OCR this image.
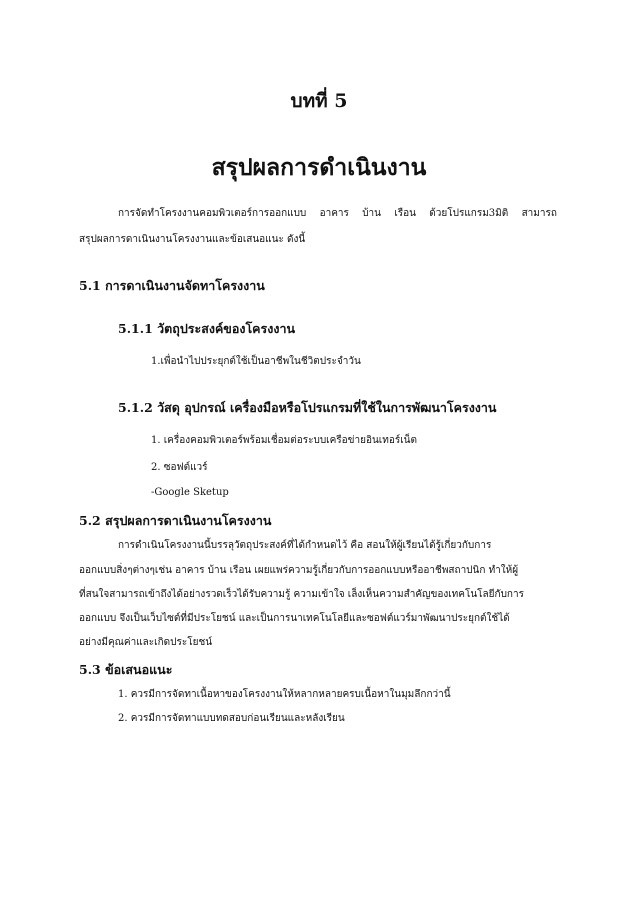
บทที่ 5
สรุปผลการดำเนินงาน
การจัดทำโครงงานคอมพิวเตอร์การออกแบบ อาคาร บ้าน เรือน ด้วยโปรแกรม3มิติ สามารถ
สรุปผลการดาเนินงานโครงงานและข้อเสนอแนะ ดังนี้
5.1 การดาเนินงานจัดทาโครงงาน
5.1.1 วัตถุประสงค์ของโครงงาน
1.เพื่อนำไปประยุกต์ใช้เป็นอาชีพในชีวิตประจำวัน
5.1.2 วัสดุ อุปกรณ์ เครื่องมือหรือโปรแกรมที่ใช้ในการพัฒนาโครงงาน
1. เครื่องคอมพิวเตอร์พร้อมเชื่อมต่อระบบเครือข่ายอินเทอร์เน็ต
2. ซอฟต์แวร์
-Google Sketup
5.2 สรุปผลการดาเนินงานโครงงาน
การดำเนินโครงงานนี้บรรลุวัตถุประสงค์ที่ได้กำหนดไว้ คือ สอนให้ผู้เรียนได้รู้เกี่ยวกับการ
ออกแบบสิ่งๆต่างๆเช่น อาคาร บ้าน เรือน เผยแพร่ความรู้เกี่ยวกับการออกแบบหรืออาชีพสถาปนิก ทำให้ผู้
ที่สนใจสามารถเข้าถึงได้อย่างรวดเร็วได้รับความรู้ ความเข้าใจ เล็งเห็นความสำคัญของเทคโนโลยีกับการ
ออกแบบ จึงเป็นเว็บไซต์ที่มีประโยชน์ และเป็นการนาเทคโนโลยีและซอฟต์แวร์มาพัฒนาประยุกต์ใช้ได้
อย่างมีคุณค่าและเกิดประโยชน์
5.3 ข้อเสนอแนะ
1. ควรมีการจัดทาเนื้อหาของโครงงานให้หลากหลายครบเนื้อหาในมุมลึกกว่านี้
2. ควรมีการจัดทาแบบทดสอบก่อนเรียนและหลังเรียน
